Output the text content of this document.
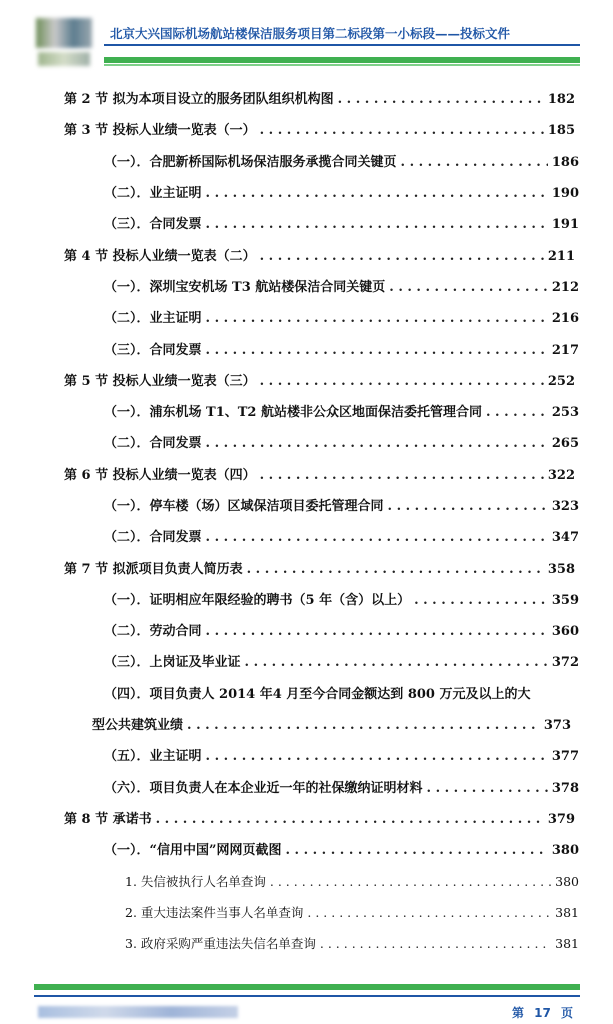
北京大兴国际机场航站楼保洁服务项目第二标段第一小标段——投标文件
第 2 节 拟为本项目设立的服务团队组织机构图 . . .	182
第 3 节 投标人业绩一览表（一） . . .	185
（一）．合肥新桥国际机场保洁服务承揽合同关键页 . . .	186
（二）．业主证明 . . .	190
（三）．合同发票 . . .	191
第 4 节 投标人业绩一览表（二） . . .	211
（一）．深圳宝安机场 T3 航站楼保洁合同关键页 . . .	212
（二）．业主证明 . . .	216
（三）．合同发票 . . .	217
第 5 节 投标人业绩一览表（三） . . .	252
（一）．浦东机场 T1、T2 航站楼非公众区地面保洁委托管理合同 . . .	253
（二）．合同发票 . . .	265
第 6 节 投标人业绩一览表（四） . . .	322
（一）．停车楼（场）区域保洁项目委托管理合同 . . .	323
（二）．合同发票 . . .	347
第 7 节 拟派项目负责人简历表 . . .	358
（一）．证明相应年限经验的聘书（5 年（含）以上） . . .	359
（二）．劳动合同 . . .	360
（三）．上岗证及毕业证 . . .	372
（四）．项目负责人 2014 年4 月至今合同金额达到 800 万元及以上的大
型公共建筑业绩 . . .	373
（五）．业主证明 . . .	377
（六）．项目负责人在本企业近一年的社保缴纳证明材料 . . .	378
第 8 节 承诺书 . . .	379
（一）．“信用中国”网网页截图 . . .	380
1. 失信被执行人名单查询 . . .	380
2. 重大违法案件当事人名单查询 . . .	381
3. 政府采购严重违法失信名单查询 . . .	381
第 17 页
